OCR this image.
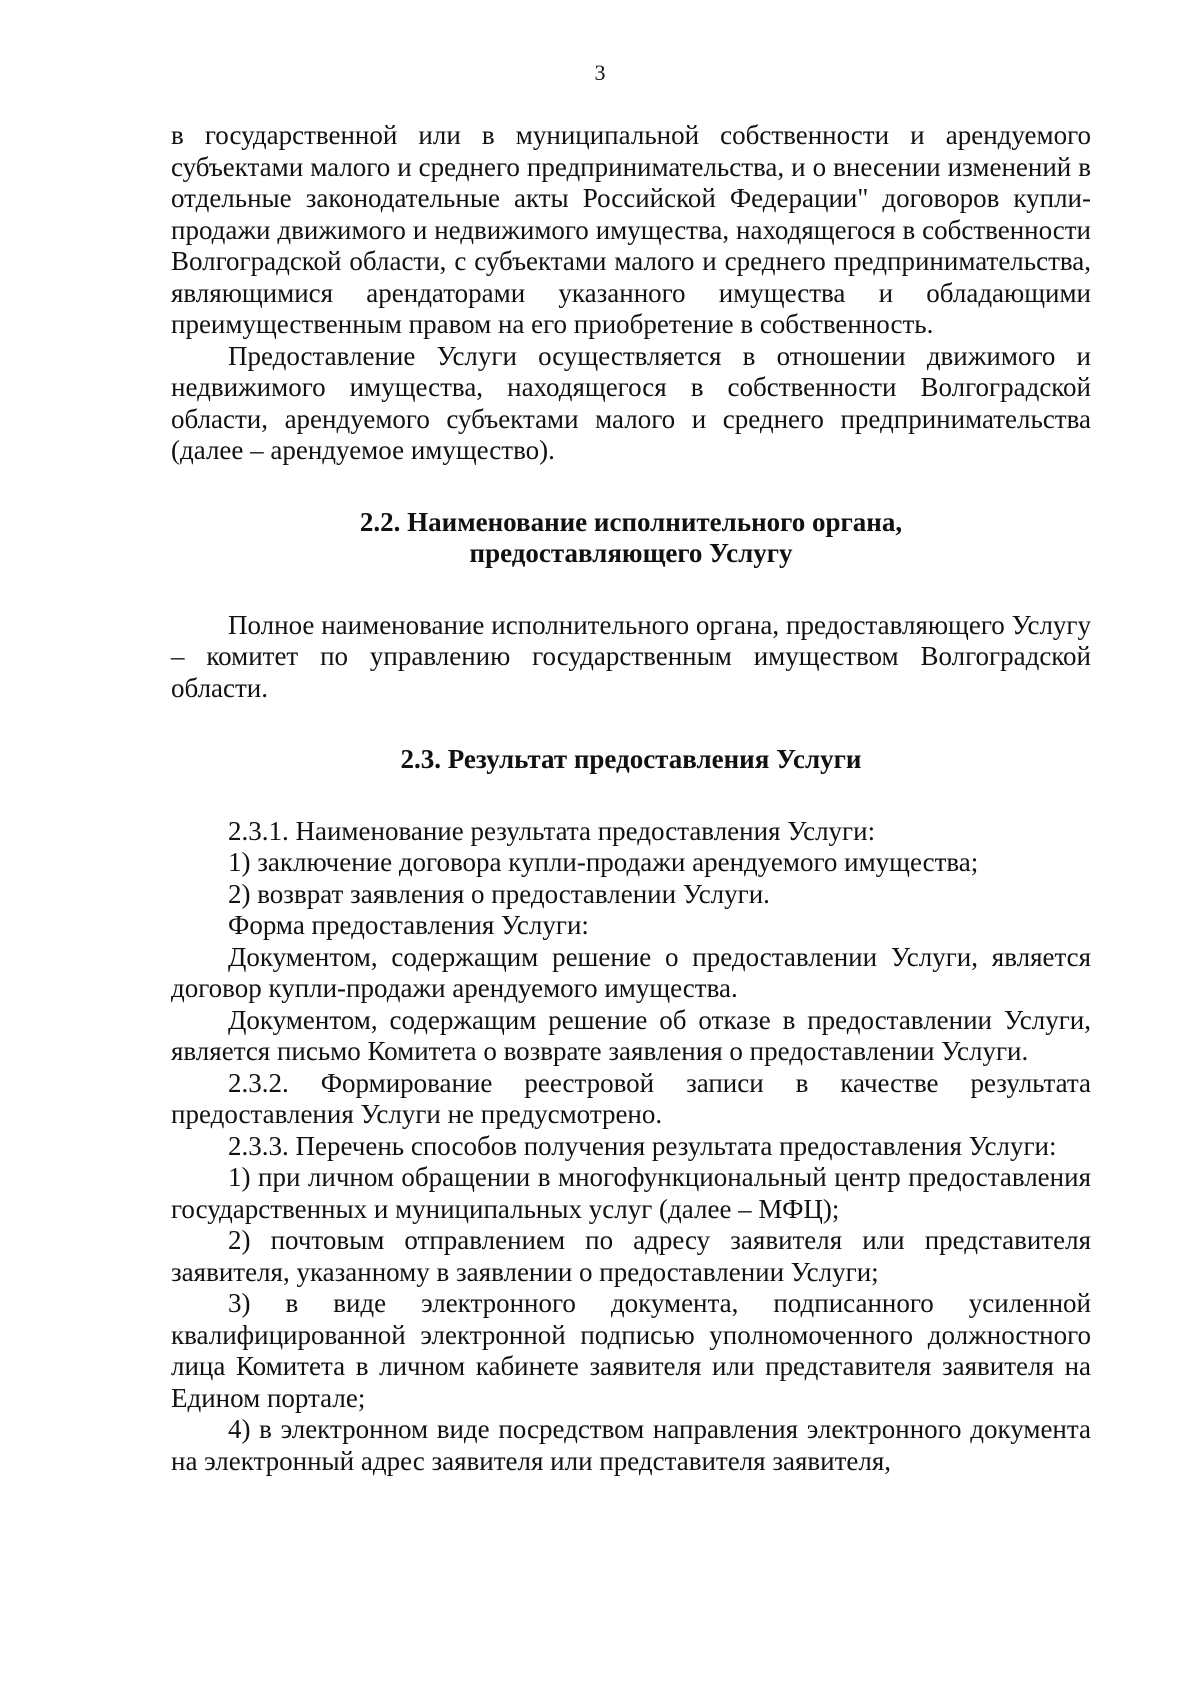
3

в государственной или в муниципальной собственности и арендуемого субъектами малого и среднего предпринимательства, и о внесении изменений в отдельные законодательные акты Российской Федерации" договоров купли-продажи движимого и недвижимого имущества, находящегося в собственности Волгоградской области, с субъектами малого и среднего предпринимательства, являющимися арендаторами указанного имущества и обладающими преимущественным правом на его приобретение в собственность.

Предоставление Услуги осуществляется в отношении движимого и недвижимого имущества, находящегося в собственности Волгоградской области, арендуемого субъектами малого и среднего предпринимательства (далее – арендуемое имущество).

2.2. Наименование исполнительного органа,
предоставляющего Услугу

Полное наименование исполнительного органа, предоставляющего Услугу – комитет по управлению государственным имуществом Волгоградской области.

2.3. Результат предоставления Услуги

2.3.1. Наименование результата предоставления Услуги:

1) заключение договора купли-продажи арендуемого имущества;

2) возврат заявления о предоставлении Услуги.

Форма предоставления Услуги:

Документом, содержащим решение о предоставлении Услуги, является договор купли-продажи арендуемого имущества.

Документом, содержащим решение об отказе в предоставлении Услуги, является письмо Комитета о возврате заявления о предоставлении Услуги.

2.3.2. Формирование реестровой записи в качестве результата предоставления Услуги не предусмотрено.

2.3.3. Перечень способов получения результата предоставления Услуги:

1) при личном обращении в многофункциональный центр предоставления государственных и муниципальных услуг (далее – МФЦ);

2) почтовым отправлением по адресу заявителя или представителя заявителя, указанному в заявлении о предоставлении Услуги;

3) в виде электронного документа, подписанного усиленной квалифицированной электронной подписью уполномоченного должностного лица Комитета в личном кабинете заявителя или представителя заявителя на Едином портале;

4) в электронном виде посредством направления электронного документа на электронный адрес заявителя или представителя заявителя,
